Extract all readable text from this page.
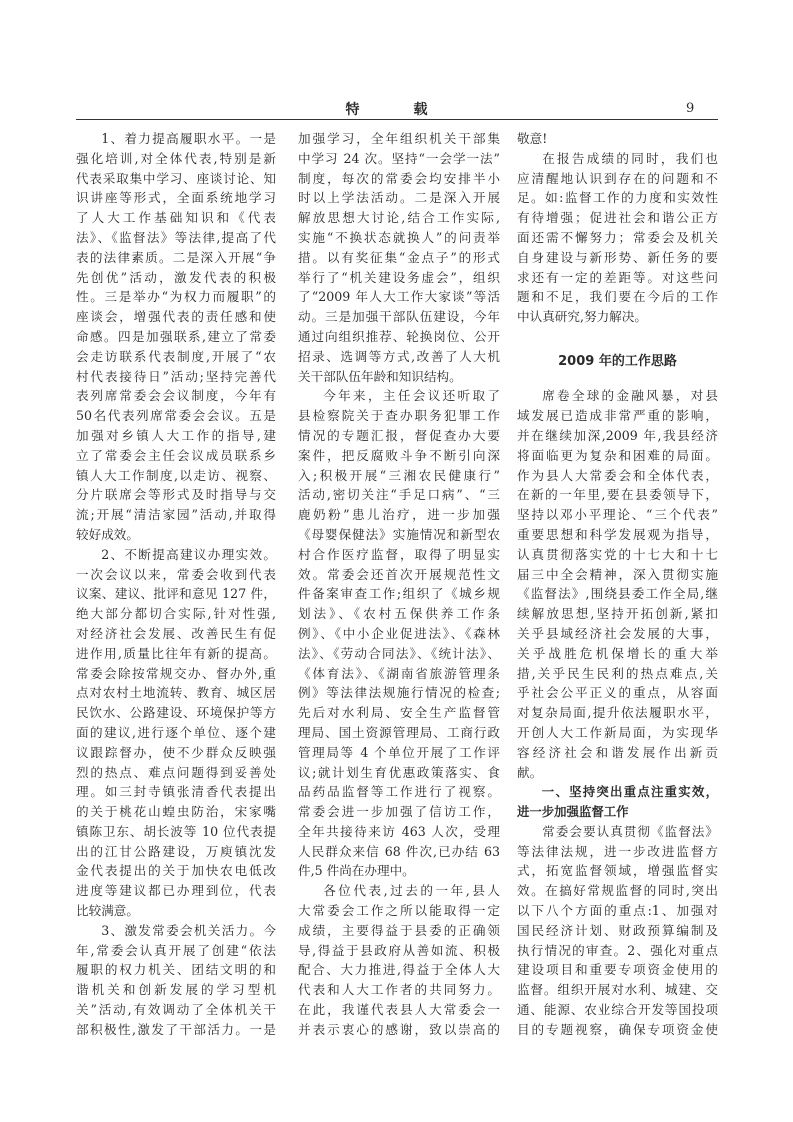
特　载	9
1、着力提高履职水平。一是
强化培训,对全体代表,特别是新
代表采取集中学习、座谈讨论、知
识讲座等形式，全面系统地学习
了人大工作基础知识和《代表
法》、《监督法》等法律,提高了代
表的法律素质。二是深入开展“争
先创优”活动，激发代表的积极
性。三是举办“为权力而履职”的
座谈会，增强代表的责任感和使
命感。四是加强联系,建立了常委
会走访联系代表制度,开展了“农
村代表接待日”活动;坚持完善代
表列席常委会会议制度，今年有
50名代表列席常委会会议。五是
加强对乡镇人大工作的指导,建
立了常委会主任会议成员联系乡
镇人大工作制度,以走访、视察、
分片联席会等形式及时指导与交
流;开展“清洁家园”活动,并取得
较好成效。
2、不断提高建议办理实效。
一次会议以来，常委会收到代表
议案、建议、批评和意见 127 件，
绝大部分都切合实际,针对性强,
对经济社会发展、改善民生有促
进作用,质量比往年有新的提高。
常委会除按常规交办、督办外,重
点对农村土地流转、教育、城区居
民饮水、公路建设、环境保护等方
面的建议,进行逐个单位、逐个建
议跟踪督办，使不少群众反映强
烈的热点、难点问题得到妥善处
理。如三封寺镇张清香代表提出
的关于桃花山蝗虫防治，宋家嘴
镇陈卫东、胡长波等 10 位代表提
出的江甘公路建设，万庾镇沈发
金代表提出的关于加快农电低改
进度等建议都已办理到位，代表
比较满意。
3、激发常委会机关活力。今
年,常委会认真开展了创建“依法
履职的权力机关、团结文明的和
谐机关和创新发展的学习型机
关”活动,有效调动了全体机关干
部积极性,激发了干部活力。一是
加强学习，全年组织机关干部集
中学习 24 次。坚持“一会学一法”
制度，每次的常委会均安排半小
时以上学法活动。二是深入开展
解放思想大讨论,结合工作实际,
实施“不换状态就换人”的问责举
措。以有奖征集“金点子”的形式
举行了“机关建设务虚会”，组织
了“2009 年人大工作大家谈”等活
动。三是加强干部队伍建设，今年
通过向组织推荐、轮换岗位、公开
招录、选调等方式,改善了人大机
关干部队伍年龄和知识结构。
今年来，主任会议还听取了
县检察院关于查办职务犯罪工作
情况的专题汇报，督促查办大要
案件，把反腐败斗争不断引向深
入;积极开展“三湘农民健康行”
活动,密切关注“手足口病”、“三
鹿奶粉”患儿治疗，进一步加强
《母婴保健法》实施情况和新型农
村合作医疗监督，取得了明显实
效。常委会还首次开展规范性文
件备案审查工作;组织了《城乡规
划法》、《农村五保供养工作条
例》、《中小企业促进法》、《森林
法》、《劳动合同法》、《统计法》、
《体育法》、《湖南省旅游管理条
例》等法律法规施行情况的检查;
先后对水利局、安全生产监督管
理局、国土资源管理局、工商行政
管理局等 4 个单位开展了工作评
议;就计划生育优惠政策落实、食
品药品监督等工作进行了视察。
常委会进一步加强了信访工作，
全年共接待来访 463 人次，受理
人民群众来信 68 件次,已办结 63
件,5 件尚在办理中。
各位代表,过去的一年,县人
大常委会工作之所以能取得一定
成绩，主要得益于县委的正确领
导,得益于县政府从善如流、积极
配合、大力推进,得益于全体人大
代表和人大工作者的共同努力。
在此，我谨代表县人大常委会一
并表示衷心的感谢，致以崇高的
敬意!
在报告成绩的同时，我们也
应清醒地认识到存在的问题和不
足。如:监督工作的力度和实效性
有待增强；促进社会和谐公正方
面还需不懈努力；常委会及机关
自身建设与新形势、新任务的要
求还有一定的差距等。对这些问
题和不足，我们要在今后的工作
中认真研究,努力解决。
2009 年的工作思路
席卷全球的金融风暴，对县
域发展已造成非常严重的影响，
并在继续加深,2009 年,我县经济
将面临更为复杂和困难的局面。
作为县人大常委会和全体代表，
在新的一年里,要在县委领导下，
坚持以邓小平理论、“三个代表”
重要思想和科学发展观为指导，
认真贯彻落实党的十七大和十七
届三中全会精神，深入贯彻实施
《监督法》,围绕县委工作全局,继
续解放思想,坚持开拓创新,紧扣
关乎县域经济社会发展的大事，
关乎战胜危机保增长的重大举
措,关乎民生民利的热点难点,关
乎社会公平正义的重点，从容面
对复杂局面,提升依法履职水平，
开创人大工作新局面，为实现华
容经济社会和谐发展作出新贡
献。
一、坚持突出重点注重实效，
进一步加强监督工作
常委会要认真贯彻《监督法》
等法律法规，进一步改进监督方
式，拓宽监督领域，增强监督实
效。在搞好常规监督的同时,突出
以下八个方面的重点:1、加强对
国民经济计划、财政预算编制及
执行情况的审查。2、强化对重点
建设项目和重要专项资金使用的
监督。组织开展对水利、城建、交
通、能源、农业综合开发等国投项
目的专题视察，确保专项资金使
